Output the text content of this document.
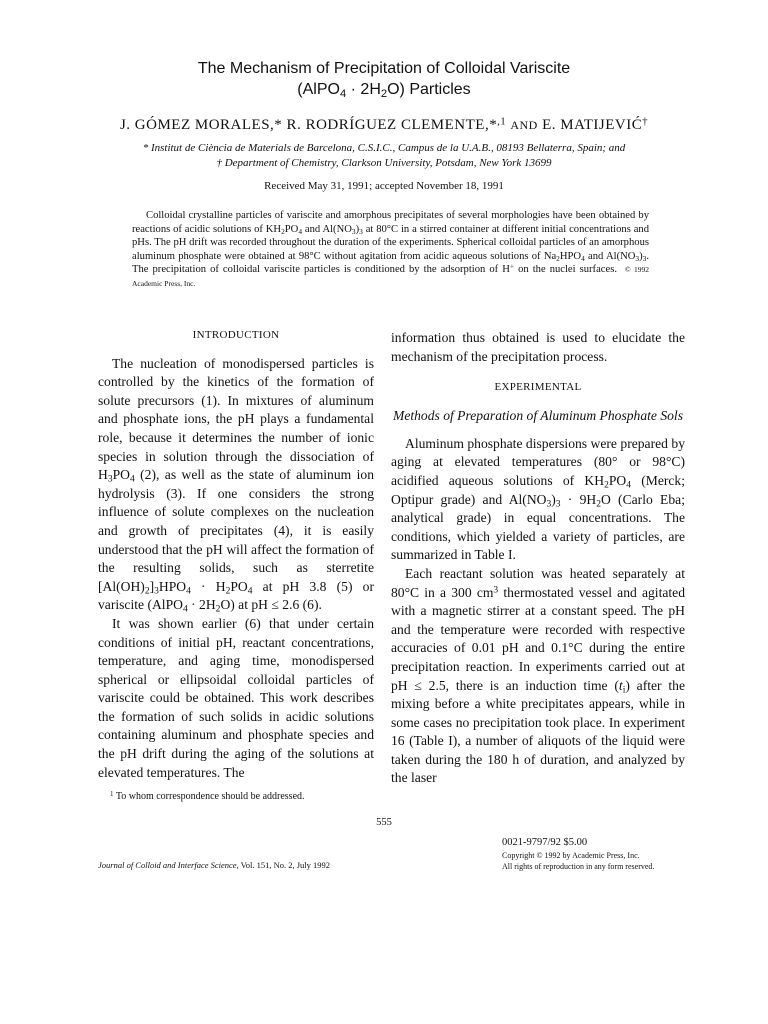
The Mechanism of Precipitation of Colloidal Variscite
(AlPO$_4$ · $2H_2O$) Particles
J. GÓMEZ MORALES,* R. RODRÍGUEZ CLEMENTE,*$^{,1}$ AND E. MATIJEVIĆ†
* Institut de Ciència de Materials de Barcelona, C.S.I.C., Campus de la U.A.B., 08193 Bellaterra, Spain; and
† Department of Chemistry, Clarkson University, Potsdam, New York 13699
Received May 31, 1991; accepted November 18, 1991
Colloidal crystalline particles of variscite and amorphous precipitates of several morphologies have been obtained by reactions of acidic solutions of $KH_2PO_4$ and $Al(NO_3)_3$ at 80°C in a stirred container at different initial concentrations and pHs. The pH drift was recorded throughout the duration of the experiments. Spherical colloidal particles of an amorphous aluminum phosphate were obtained at 98°C without agitation from acidic aqueous solutions of $Na_2HPO_4$ and $Al(NO_3)_3$. The precipitation of colloidal variscite particles is conditioned by the adsorption of H+ on the nuclei surfaces. © 1992 Academic Press, Inc.
INTRODUCTION

The nucleation of monodispersed particles is controlled by the kinetics of the formation of solute precursors (1). In mixtures of aluminum and phosphate ions, the pH plays a fundamental role, because it determines the number of ionic species in solution through the dissociation of $H_3PO_4$ (2), as well as the state of aluminum ion hydrolysis (3). If one considers the strong influence of solute complexes on the nucleation and growth of precipitates (4), it is easily understood that the pH will affect the formation of the resulting solids, such as sterretite $[Al(OH)_2]_3HPO_4 \cdot H_2PO_4$ at pH 3.8 (5) or variscite (AlPO$_4$ · $2H_2O$) at pH ≤ 2.6 (6).

It was shown earlier (6) that under certain conditions of initial pH, reactant concentrations, temperature, and aging time, monodispersed spherical or ellipsoidal colloidal particles of variscite could be obtained. This work describes the formation of such solids in acidic solutions containing aluminum and phosphate species and the pH drift during the aging of the solutions at elevated temperatures. The

$^1$ To whom correspondence should be addressed.

information thus obtained is used to elucidate the mechanism of the precipitation process.

EXPERIMENTAL
Methods of Preparation of Aluminum Phosphate Sols

Aluminum phosphate dispersions were prepared by aging at elevated temperatures (80° or 98°C) acidified aqueous solutions of $KH_2PO_4$ (Merck; Optipur grade) and $Al(NO_3)_3 \cdot 9H_2O$ (Carlo Eba; analytical grade) in equal concentrations. The conditions, which yielded a variety of particles, are summarized in Table I.

Each reactant solution was heated separately at 80°C in a 300 $cm^3$ thermostated vessel and agitated with a magnetic stirrer at a constant speed. The pH and the temperature were recorded with respective accuracies of 0.01 pH and 0.1°C during the entire precipitation reaction. In experiments carried out at pH ≤ 2.5, there is an induction time $(t_i)$ after the mixing before a white precipitates appears, while in some cases no precipitation took place. In experiment 16 (Table I), a number of aliquots of the liquid were taken during the 180 h of duration, and analyzed by the laser

555
0021-9797/92 $5.00
Copyright © 1992 by Academic Press, Inc.
All rights of reproduction in any form reserved.
Journal of Colloid and Interface Science, Vol. 151, No. 2, July 1992
